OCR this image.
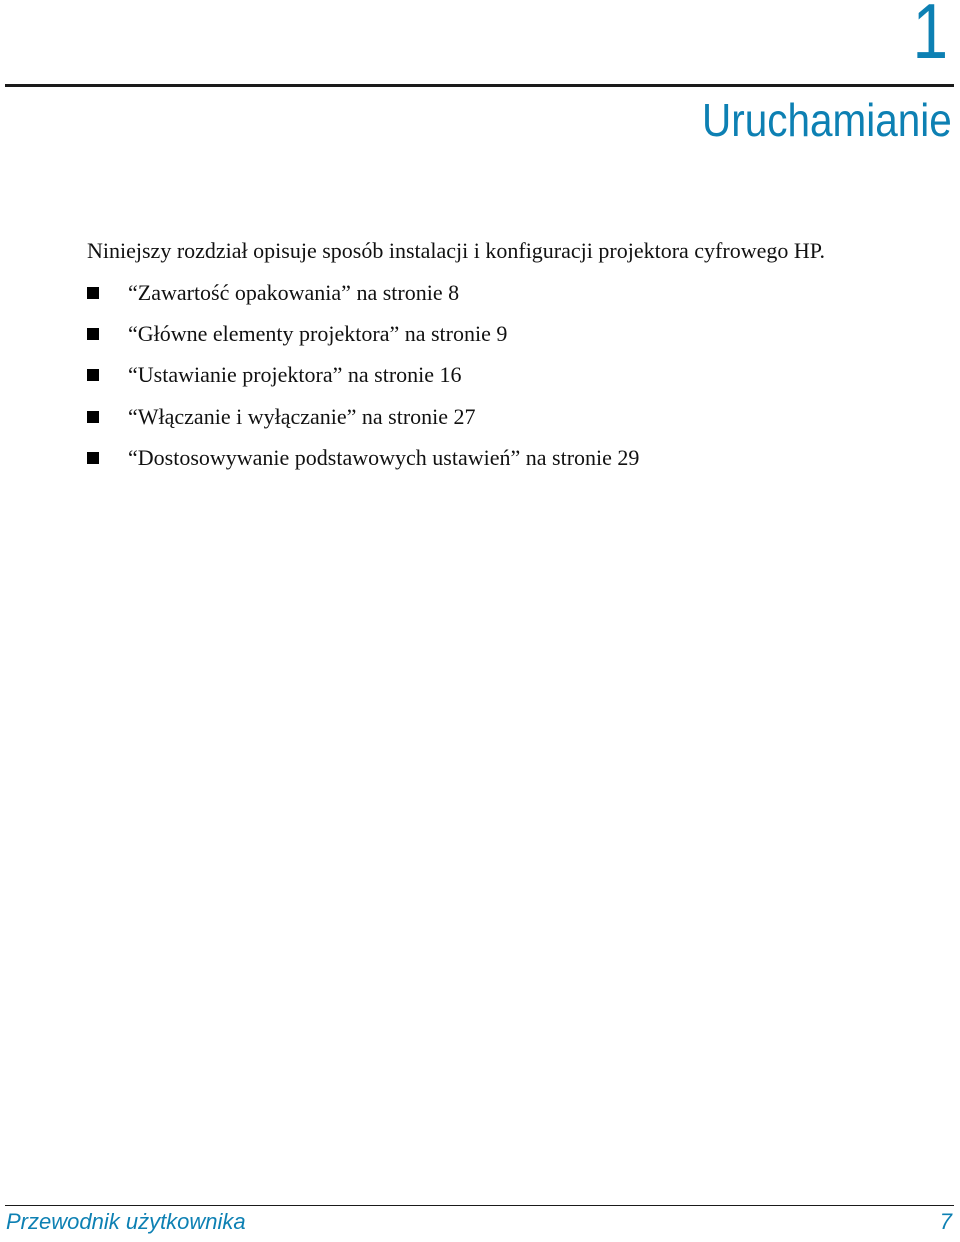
1
Uruchamianie
Niniejszy rozdział opisuje sposób instalacji i konfiguracji projektora cyfrowego HP.
“Zawartość opakowania” na stronie 8
“Główne elementy projektora” na stronie 9
“Ustawianie projektora” na stronie 16
“Włączanie i wyłączanie” na stronie 27
“Dostosowywanie podstawowych ustawień” na stronie 29
Przewodnik użytkownika	7
